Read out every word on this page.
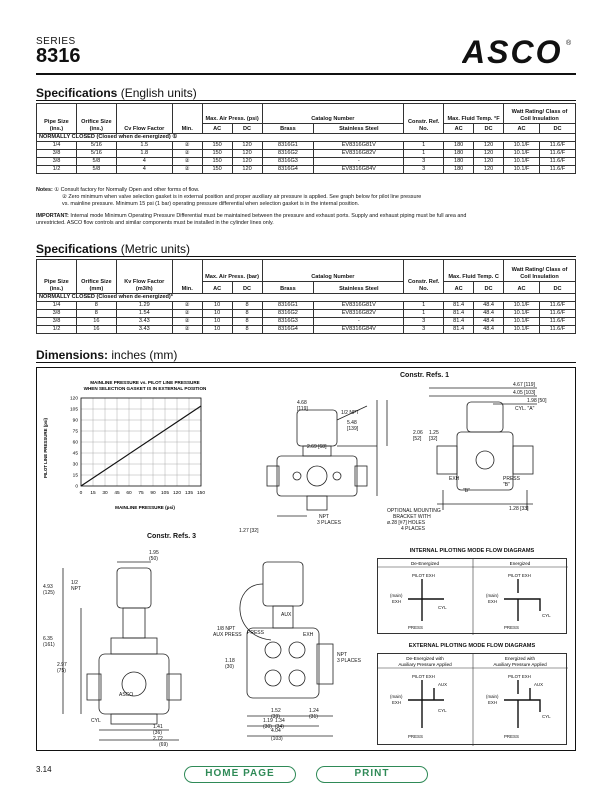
SERIES
8316	ASCO ®
Specifications (English units)
Pipe Size (ins.)	Orifice Size (ins.)	Cv Flow Factor	Min.	Max. Air Press. (psi)		Catalog Number		Constr. Ref. No.	Max. Fluid Temp. °F		Watt Rating/ Class of Coil Insulation	
				AC	DC	Brass	Stainless Steel		AC	DC	AC	DC
NORMALLY CLOSED (Closed when de-energized) ①												
1/4	5/16	1.5	②	150	120	8316G1	EV8316G81V	1	180	120	10.1/F	11.6/F
3/8	5/16	1.8	②	150	120	8316G2	EV8316G82V	1	180	120	10.1/F	11.6/F
3/8	5/8	4	②	150	120	8316G3	-	3	180	120	10.1/F	11.6/F
1/2	5/8	4	②	150	120	8316G4	EV8316G84V	3	180	120	10.1/F	11.6/F
Notes: ① Consult factory for Normally Open and other forms of flow.
② Zero minimum when valve selection gasket is in external position and proper auxiliary air pressure is applied. See graph below for pilot line pressure
vs. mainline pressure. Minimum 15 psi (1 bar) operating pressure differential when selection gasket is in the internal position.
IMPORTANT: Internal mode Minimum Operating Pressure Differential must be maintained between the pressure and exhaust ports. Supply and exhaust piping must be full area and
unrestricted. ASCO flow controls and similar components must be installed in the cylinder lines only.
Specifications (Metric units)
Pipe Size (ins.)	Orifice Size (mm)	Kv Flow Factor (m3/h)	Min.	Max. Air Press. (bar)		Catalog Number		Constr. Ref. No.	Max. Fluid Temp. C		Watt Rating/ Class of Coil Insulation	
				AC	DC	Brass	Stainless Steel		AC	DC	AC	DC
NORMALLY CLOSED (Closed when de-energized)*												
1/4	8	1.29	②	10	8	8316G1	EV8316G81V	1	81.4	48.4	10.1/F	11.6/F
3/8	8	1.54	②	10	8	8316G2	EV8316G82V	1	81.4	48.4	10.1/F	11.6/F
3/8	16	3.43	②	10	8	8316G3	-	3	81.4	48.4	10.1/F	11.6/F
1/2	16	3.43	②	10	8	8316G4	EV8316G84V	3	81.4	48.4	10.1/F	11.6/F
Dimensions: inches (mm)
MAINLINE PRESSURE vs. PILOT LINE PRESSURE
WHEN SELECTION GASKET IS IN EXTERNAL POSITION
120
105
90
75
60
45
30
15
0
0 15 30 45 60 75 90 105 120 135 150
MAINLINE PRESSURE (psi)
PILOT LINE PRESSURE (psi)
Constr. Refs. 1
Constr. Refs. 3
1/2 NPT
4.68
[119]
5.48
[139]
2.69 [68]
1.27 [32]
NPT
3 PLACES
4.67 [119]
4.05 [103]
1.98 [50]
CYL. "A"
2.06
[52]
1.25
[32]
EXH	PRESS
"B"
"B"
1.28 [33]
OPTIONAL MOUNTING
BRACKET WITH
ø.28 [#7] HOLES
4 PLACES
1.95
(50)
4.93
(125)
1/2
NPT
6.35
(161)
2.97
(75)
ASCO
CYL
1.41
(36)
2.72
(69)
1/8 NPT
AUX PRESS
AUX
PRESS	EXH
1.18
(30)
NPT
3 PLACES
1.52
(39)
1.24
(31)
1.19
(30)
1.34
(34)
4.04
(103)
INTERNAL PILOTING MODE FLOW DIAGRAMS
De-Energized	Energized
PILOT EXH
(main)
EXH
CYL
PRESS
PILOT EXH
(main)
EXH
CYL
PRESS
EXTERNAL PILOTING MODE FLOW DIAGRAMS
De-Energized with
Auxiliary Pressure Applied
Energized with
Auxiliary Pressure Applied
PILOT EXH
AUX
(main)
EXH
CYL
PRESS
PILOT EXH
AUX
(main)
EXH
CYL
PRESS
3.14	HOME PAGE	PRINT
